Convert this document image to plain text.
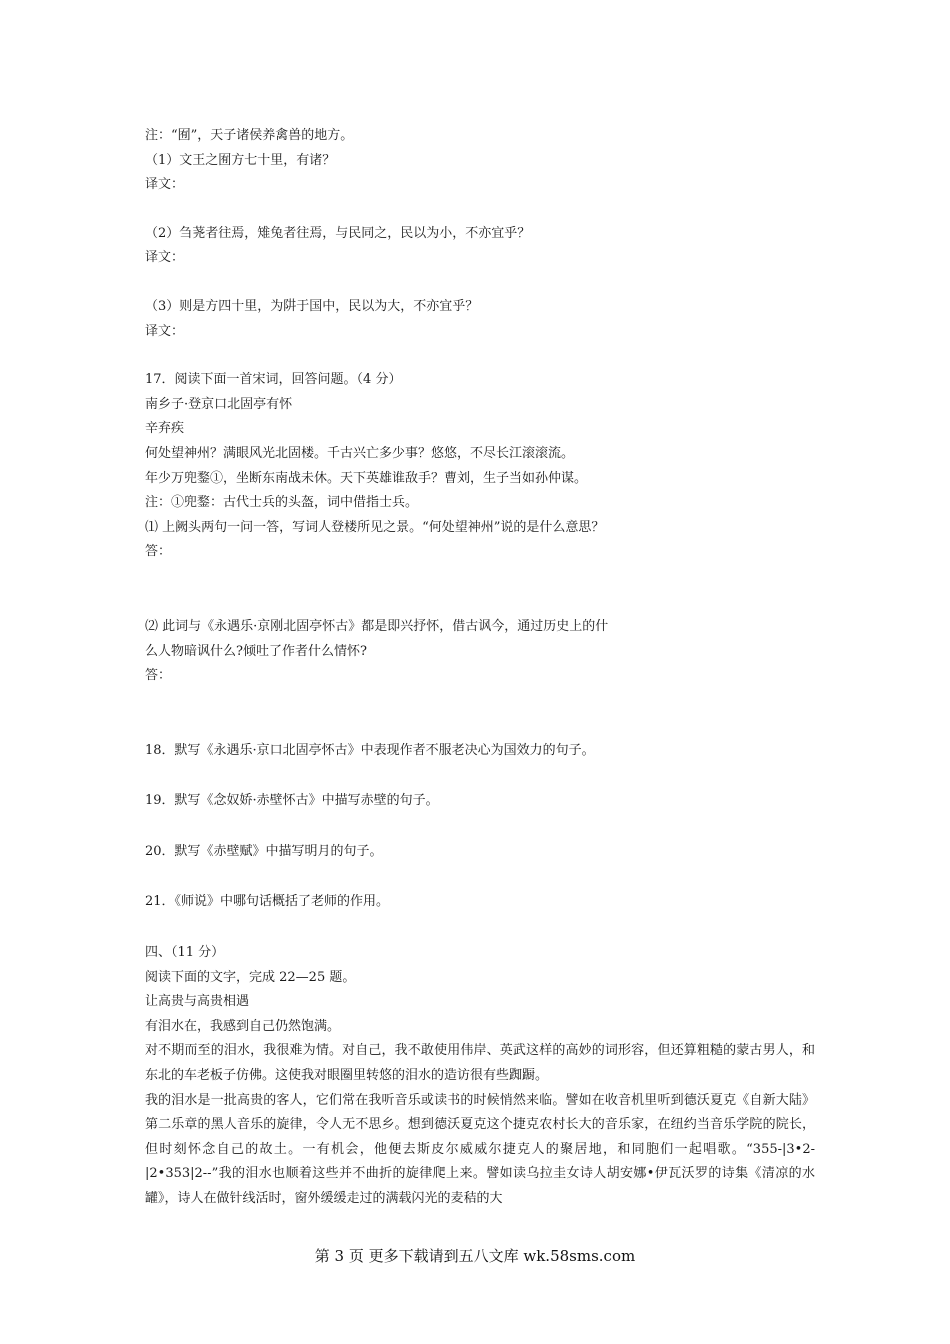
注：“囿”，天子诸侯养禽兽的地方。
（1）文王之囿方七十里，有诸？
译文：
（2）刍荛者往焉，雉兔者往焉，与民同之，民以为小，不亦宜乎？
译文：
（3）则是方四十里，为阱于国中，民以为大，不亦宜乎？
译文：
17．阅读下面一首宋词，回答问题。（4 分）
南乡子·登京口北固亭有怀
辛弃疾
何处望神州？满眼风光北固楼。千古兴亡多少事？悠悠，不尽长江滚滚流。
年少万兜鍪①，坐断东南战未休。天下英雄谁敌手？曹刘，生子当如孙仲谋。
注：①兜鍪：古代士兵的头盔，词中借指士兵。
⑴ 上阙头两句一问一答，写词人登楼所见之景。“何处望神州”说的是什么意思？
答：
⑵ 此词与《永遇乐·京刚北固亭怀古》都是即兴抒怀，借古讽今，通过历史上的什
么人物暗讽什么?倾吐了作者什么情怀?
答：
18．默写《永遇乐·京口北固亭怀古》中表现作者不服老决心为国效力的句子。
19．默写《念奴娇·赤壁怀古》中描写赤壁的句子。
20．默写《赤壁赋》中描写明月的句子。
21．《师说》中哪句话概括了老师的作用。
四、（11 分）
阅读下面的文字，完成 22—25 题。
让高贵与高贵相遇
有泪水在，我感到自己仍然饱满。
对不期而至的泪水，我很难为情。对自己，我不敢使用伟岸、英武这样的高妙的词形容，但还算粗糙的蒙古男人，和东北的车老板子仿佛。这使我对眼圈里转悠的泪水的造访很有些踟蹰。
我的泪水是一批高贵的客人，它们常在我听音乐或读书的时候悄然来临。譬如在收音机里听到德沃夏克《自新大陆》第二乐章的黑人音乐的旋律，令人无不思乡。想到德沃夏克这个捷克农村长大的音乐家，在纽约当音乐学院的院长，但时刻怀念自己的故土。一有机会，他便去斯皮尔威威尔捷克人的聚居地，和同胞们一起唱歌。“355-|3•2-|2•353|2--”我的泪水也顺着这些并不曲折的旋律爬上来。譬如读乌拉圭女诗人胡安娜•伊瓦沃罗的诗集《清凉的水罐》，诗人在做针线活时，窗外缓缓走过的满载闪光的麦秸的大
第 3 页 更多下载请到五八文库 wk.58sms.com
